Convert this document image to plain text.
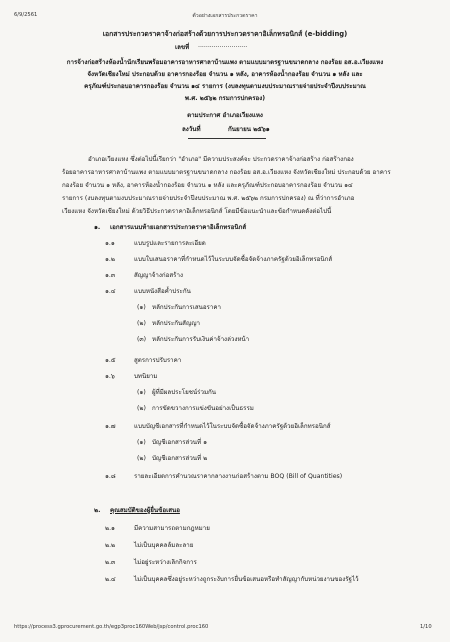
6/9/2561	ตัวอย่างเอกสารประกวดราคา
เอกสารประกวดราคาจ้างก่อสร้างด้วยการประกวดราคาอิเล็กทรอนิกส์ (e-bidding)
เลขที่ .........................
การจ้างก่อสร้างห้องน้ำนักเรียนพร้อมอาคารอาหารศาลาบ้านแพง ตามแบบมาตรฐานขนาดกลาง กองร้อย อส.อ.เวียงแหง
จังหวัดเชียงใหม่ ประกอบด้วย อาคารกองร้อย จำนวน ๑ หลัง, อาคารห้องน้ำกองร้อย จำนวน ๑ หลัง และ
ครุภัณฑ์ประกอบอาคารกองร้อย จำนวน ๑๔ รายการ (งบลงทุนตามงบประมาณรายจ่ายประจำปีงบประมาณ
พ.ศ. ๒๕๖๒ กรมการปกครอง)
ตามประกาศ อำเภอเวียงแหง
ลงวันที่	กันยายน ๒๕๖๑
อำเภอเวียงแหง ซึ่งต่อไปนี้เรียกว่า "อำเภอ" มีความประสงค์จะ ประกวดราคาจ้างก่อสร้าง ก่อสร้างกอง
ร้อยอาคารอาหารศาลาบ้านแพง ตามแบบมาตรฐานขนาดกลาง กองร้อย อส.อ.เวียงแหง จังหวัดเชียงใหม่ ประกอบด้วย อาคาร
กองร้อย จำนวน ๑ หลัง, อาคารห้องน้ำกองร้อย จำนวน ๑ หลัง และครุภัณฑ์ประกอบอาคารกองร้อย จำนวน ๑๔
รายการ (งบลงทุนตามงบประมาณรายจ่ายประจำปีงบประมาณ พ.ศ. ๒๕๖๒ กรมการปกครอง) ณ ที่ว่าการอำเภอ
เวียงแหง จังหวัดเชียงใหม่ ด้วยวิธีประกวดราคาอิเล็กทรอนิกส์ โดยมีข้อแนะนำและข้อกำหนดดังต่อไปนี้
๑. เอกสารแนบท้ายเอกสารประกวดราคาอิเล็กทรอนิกส์
๑.๑	แบบรูปและรายการละเอียด
๑.๒	แบบใบเสนอราคาที่กำหนดไว้ในระบบจัดซื้อจัดจ้างภาครัฐด้วยอิเล็กทรอนิกส์
๑.๓	สัญญาจ้างก่อสร้าง
๑.๔	แบบหนังสือค้ำประกัน
(๑) หลักประกันการเสนอราคา
(๒) หลักประกันสัญญา
(๓) หลักประกันการรับเงินค่าจ้างล่วงหน้า
๑.๕	สูตรการปรับราคา
๑.๖	บทนิยาม
(๑) ผู้ที่มีผลประโยชน์ร่วมกัน
(๒) การขัดขวางการแข่งขันอย่างเป็นธรรม
๑.๗	แบบบัญชีเอกสารที่กำหนดไว้ในระบบจัดซื้อจัดจ้างภาครัฐด้วยอิเล็กทรอนิกส์
(๑) บัญชีเอกสารส่วนที่ ๑
(๒) บัญชีเอกสารส่วนที่ ๒
๑.๘	รายละเอียดการคำนวณราคากลางงานก่อสร้างตาม BOQ (Bill of Quantities)
๒. คุณสมบัติของผู้ยื่นข้อเสนอ
๒.๑	มีความสามารถตามกฎหมาย
๒.๒	ไม่เป็นบุคคลล้มละลาย
๒.๓	ไม่อยู่ระหว่างเลิกกิจการ
๒.๔	ไม่เป็นบุคคลซึ่งอยู่ระหว่างถูกระงับการยื่นข้อเสนอหรือทำสัญญากับหน่วยงานของรัฐไว้
https://process3.gprocurement.go.th/egp3proc160Web/jsp/control.proc160	1/10
